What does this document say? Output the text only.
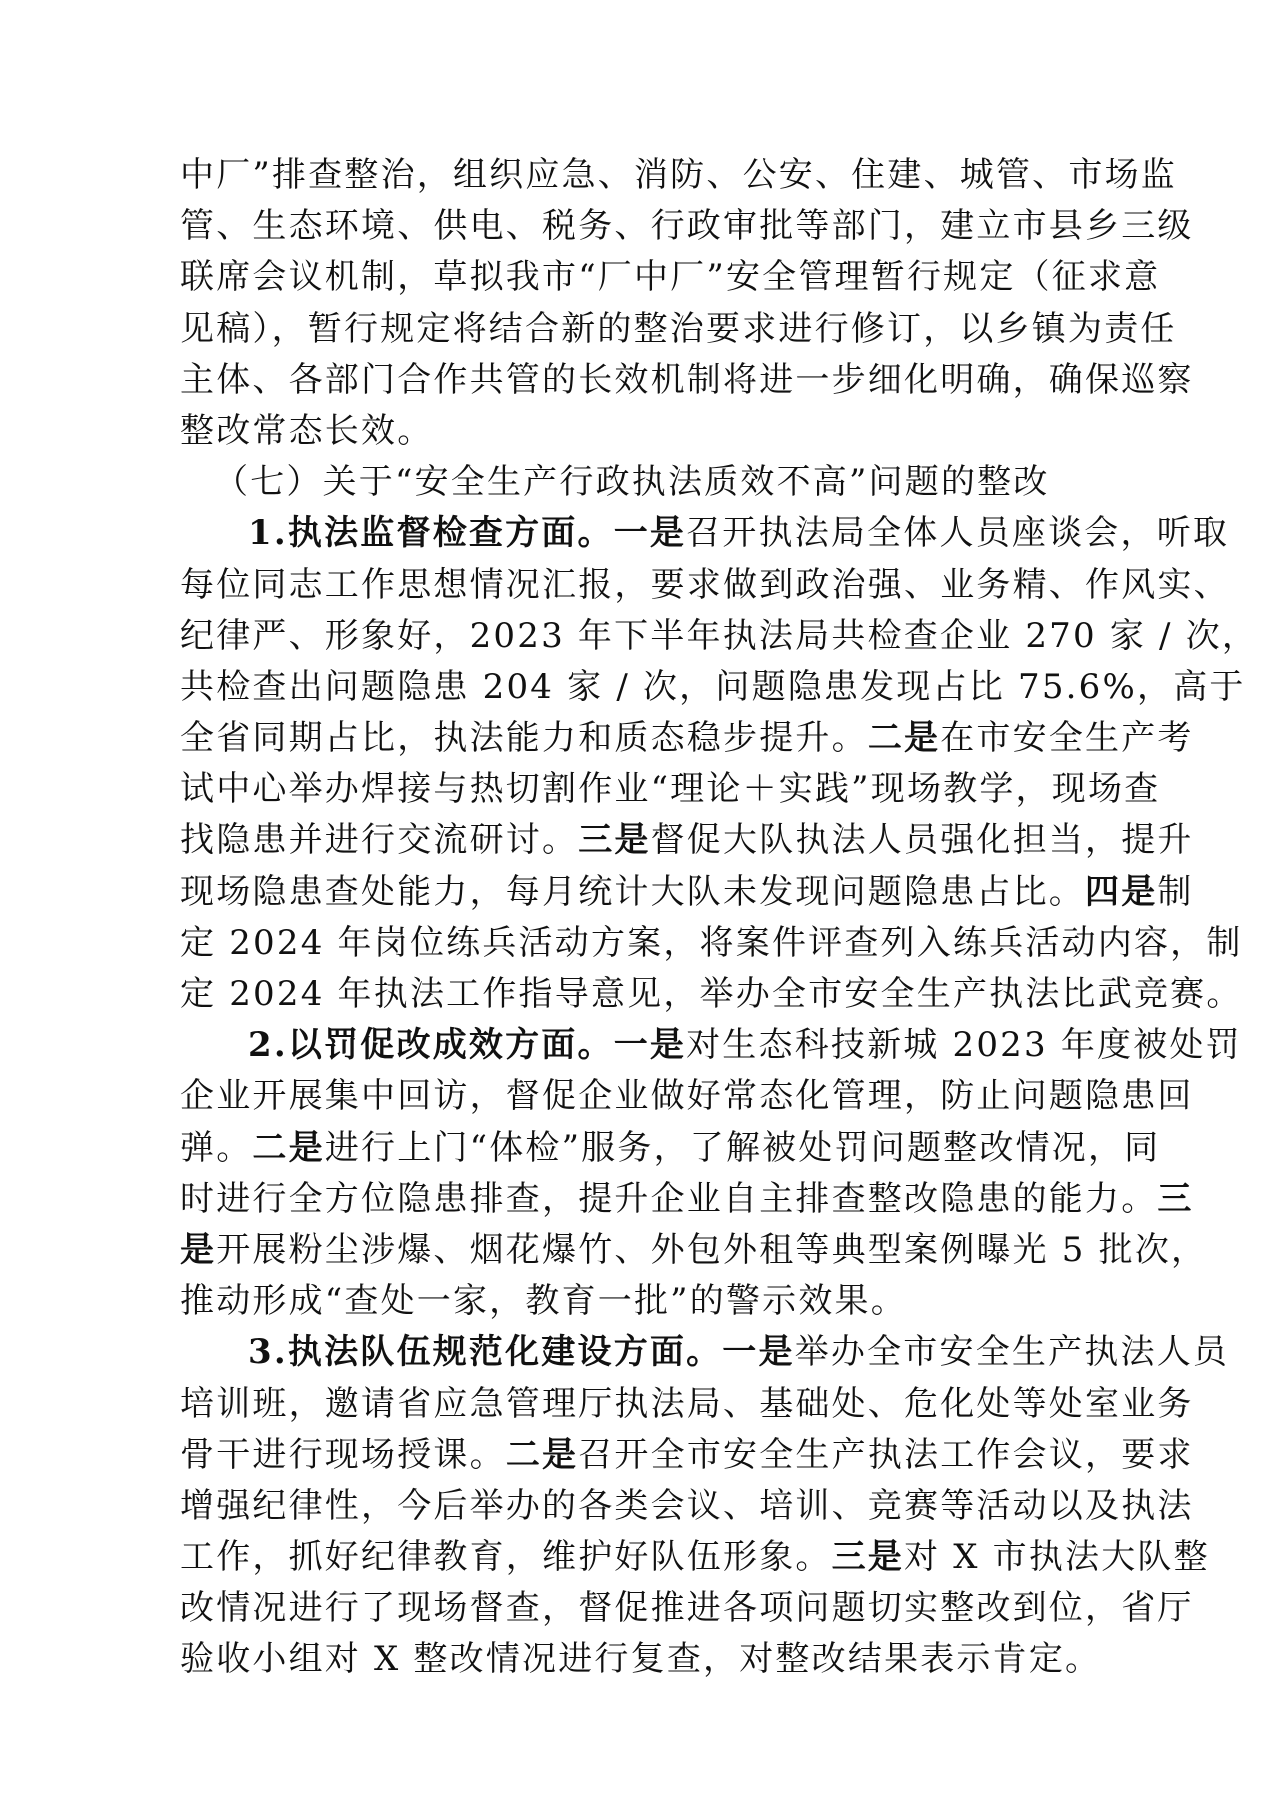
中厂”排查整治，组织应急、消防、公安、住建、城管、市场监
管、生态环境、供电、税务、行政审批等部门，建立市县乡三级
联席会议机制，草拟我市“厂中厂”安全管理暂行规定（征求意
见稿），暂行规定将结合新的整治要求进行修订，以乡镇为责任
主体、各部门合作共管的长效机制将进一步细化明确，确保巡察
整改常态长效。
（七）关于“安全生产行政执法质效不高”问题的整改
1.执法监督检查方面。一是召开执法局全体人员座谈会，听取
每位同志工作思想情况汇报，要求做到政治强、业务精、作风实、
纪律严、形象好，2023 年下半年执法局共检查企业 270 家 / 次，
共检查出问题隐患 204 家 / 次，问题隐患发现占比 75.6%，高于
全省同期占比，执法能力和质态稳步提升。二是在市安全生产考
试中心举办焊接与热切割作业“理论＋实践”现场教学，现场查
找隐患并进行交流研讨。三是督促大队执法人员强化担当，提升
现场隐患查处能力，每月统计大队未发现问题隐患占比。四是制
定 2024 年岗位练兵活动方案，将案件评查列入练兵活动内容，制
定 2024 年执法工作指导意见，举办全市安全生产执法比武竞赛。
2.以罚促改成效方面。一是对生态科技新城 2023 年度被处罚
企业开展集中回访，督促企业做好常态化管理，防止问题隐患回
弹。二是进行上门“体检”服务，了解被处罚问题整改情况，同
时进行全方位隐患排查，提升企业自主排查整改隐患的能力。三
是开展粉尘涉爆、烟花爆竹、外包外租等典型案例曝光 5 批次，
推动形成“查处一家，教育一批”的警示效果。
3.执法队伍规范化建设方面。一是举办全市安全生产执法人员
培训班，邀请省应急管理厅执法局、基础处、危化处等处室业务
骨干进行现场授课。二是召开全市安全生产执法工作会议，要求
增强纪律性，今后举办的各类会议、培训、竞赛等活动以及执法
工作，抓好纪律教育，维护好队伍形象。三是对 X 市执法大队整
改情况进行了现场督查，督促推进各项问题切实整改到位，省厅
验收小组对 X 整改情况进行复查，对整改结果表示肯定。
